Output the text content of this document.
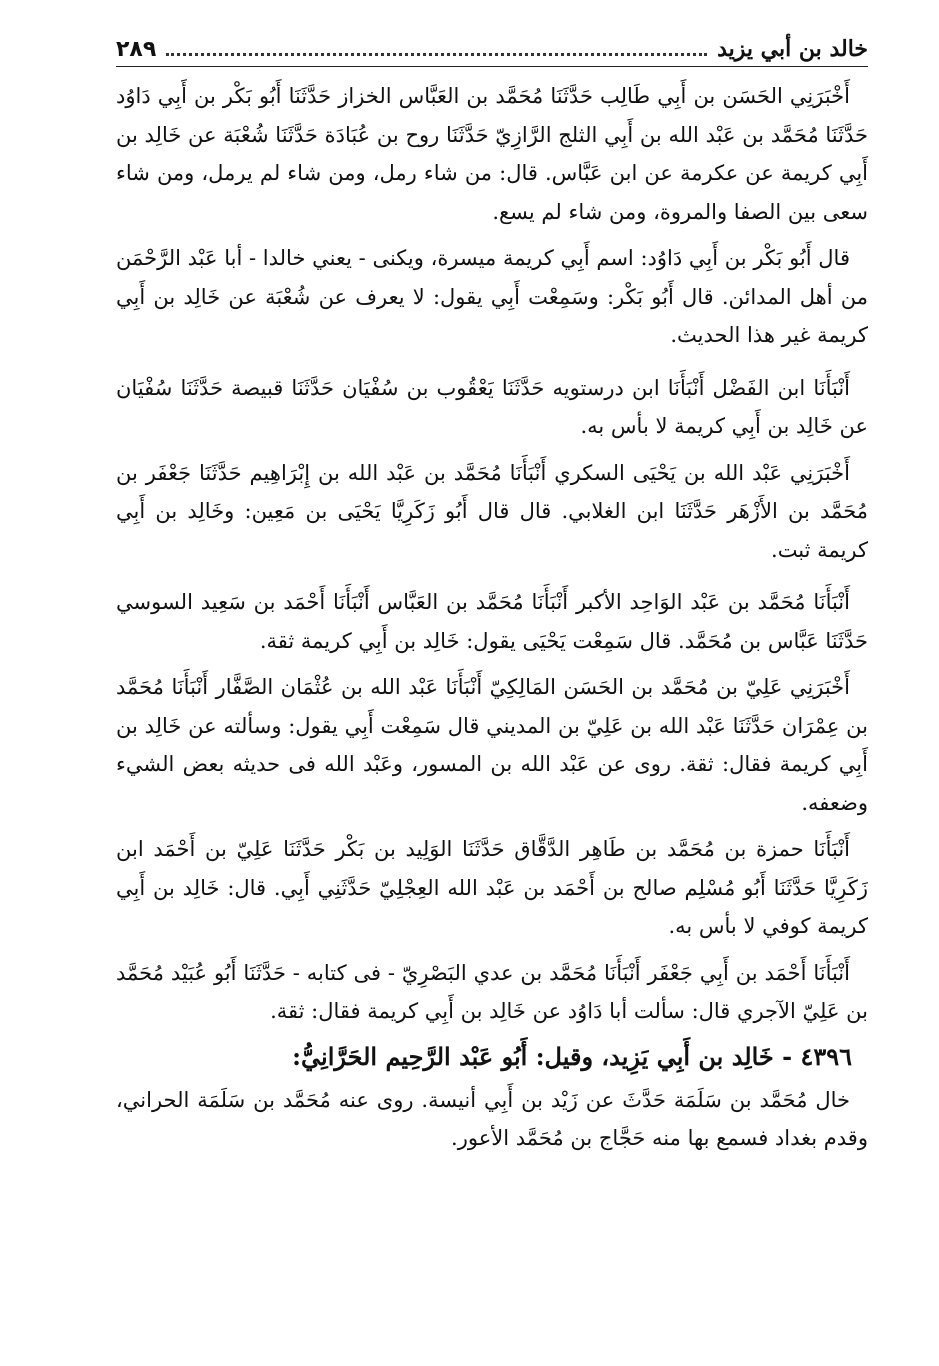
خالد بن أبي يزيد
٢٨٩

أَخْبَرَنِي الحَسَن بن أَبِي طَالِب حَدَّثَنَا مُحَمَّد بن العَبَّاس الخزاز حَدَّثَنَا أَبُو بَكْر بن أَبِي دَاوُد حَدَّثَنَا مُحَمَّد بن عَبْد الله بن أَبِي الثلج الرَّازِيّ حَدَّثَنَا روح بن عُبَادَة حَدَّثَنَا شُعْبَة عن خَالِد بن أَبِي كريمة عن عكرمة عن ابن عَبَّاس. قال: من شاء رمل، ومن شاء لم يرمل، ومن شاء سعى بين الصفا والمروة، ومن شاء لم يسع.

قال أَبُو بَكْر بن أَبِي دَاوُد: اسم أَبِي كريمة ميسرة، ويكنى - يعني خالدا - أبا عَبْد الرَّحْمَن من أهل المدائن. قال أَبُو بَكْر: وسَمِعْت أَبِي يقول: لا يعرف عن شُعْبَة عن خَالِد بن أَبِي كريمة غير هذا الحديث.

أَنْبَأَنَا ابن الفَضْل أَنْبَأَنَا ابن درستويه حَدَّثَنَا يَعْقُوب بن سُفْيَان حَدَّثَنَا قبيصة حَدَّثَنَا سُفْيَان عن خَالِد بن أَبِي كريمة لا بأس به.

أَخْبَرَنِي عَبْد الله بن يَحْيَى السكري أَنْبَأَنَا مُحَمَّد بن عَبْد الله بن إِبْرَاهِيم حَدَّثَنَا جَعْفَر بن مُحَمَّد بن الأَزْهَر حَدَّثَنَا ابن الغلابي. قال قال أَبُو زَكَرِيَّا يَحْيَى بن مَعِين: وخَالِد بن أَبِي كريمة ثبت.

أَنْبَأَنَا مُحَمَّد بن عَبْد الوَاحِد الأكبر أَنْبَأَنَا مُحَمَّد بن العَبَّاس أَنْبَأَنَا أَحْمَد بن سَعِيد السوسي حَدَّثَنَا عَبَّاس بن مُحَمَّد. قال سَمِعْت يَحْيَى يقول: خَالِد بن أَبِي كريمة ثقة.

أَخْبَرَنِي عَلِيّ بن مُحَمَّد بن الحَسَن المَالِكِيّ أَنْبَأَنَا عَبْد الله بن عُثْمَان الصَّفَّار أَنْبَأَنَا مُحَمَّد بن عِمْرَان حَدَّثَنَا عَبْد الله بن عَلِيّ بن المديني قال سَمِعْت أَبِي يقول: وسألته عن خَالِد بن أَبِي كريمة فقال: ثقة. روى عن عَبْد الله بن المسور، وعَبْد الله فى حديثه بعض الشيء وضعفه.

أَنْبَأَنَا حمزة بن مُحَمَّد بن طَاهِر الدَّقَّاق حَدَّثَنَا الوَلِيد بن بَكْر حَدَّثَنَا عَلِيّ بن أَحْمَد ابن زَكَرِيَّا حَدَّثَنَا أَبُو مُسْلِم صالح بن أَحْمَد بن عَبْد الله العِجْلِيّ حَدَّثَنِي أَبِي. قال: خَالِد بن أَبِي كريمة كوفي لا بأس به.

أَنْبَأَنَا أَحْمَد بن أَبِي جَعْفَر أَنْبَأَنَا مُحَمَّد بن عدي البَصْرِيّ - فى كتابه - حَدَّثَنَا أَبُو عُبَيْد مُحَمَّد بن عَلِيّ الآجري قال: سألت أبا دَاوُد عن خَالِد بن أَبِي كريمة فقال: ثقة.

٤٣٩٦ - خَالِد بن أَبِي يَزِيد، وقيل: أَبُو عَبْد الرَّحِيم الحَرَّانِيُّ:

خال مُحَمَّد بن سَلَمَة حَدَّثَ عن زَيْد بن أَبِي أنيسة. روى عنه مُحَمَّد بن سَلَمَة الحراني، وقدم بغداد فسمع بها منه حَجَّاج بن مُحَمَّد الأعور.
